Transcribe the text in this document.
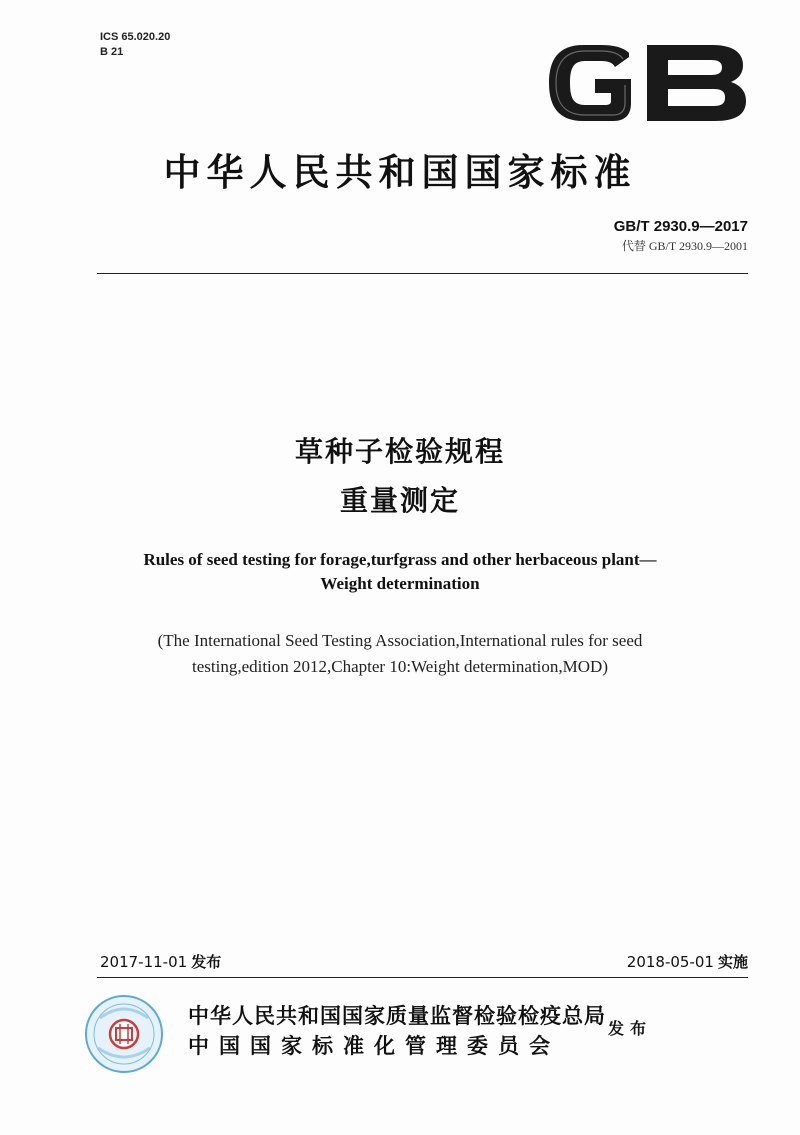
ICS 65.020.20
B 21
中华人民共和国国家标准
GB/T 2930.9—2017
代替 GB/T 2930.9—2001
草种子检验规程
重量测定
Rules of seed testing for forage,turfgrass and other herbaceous plant—
Weight determination
(The International Seed Testing Association,International rules for seed
testing,edition 2012,Chapter 10:Weight determination,MOD)
2017-11-01 发布	2018-05-01 实施
中华人民共和国国家质量监督检验检疫总局
中国国家标准化管理委员会
发布
